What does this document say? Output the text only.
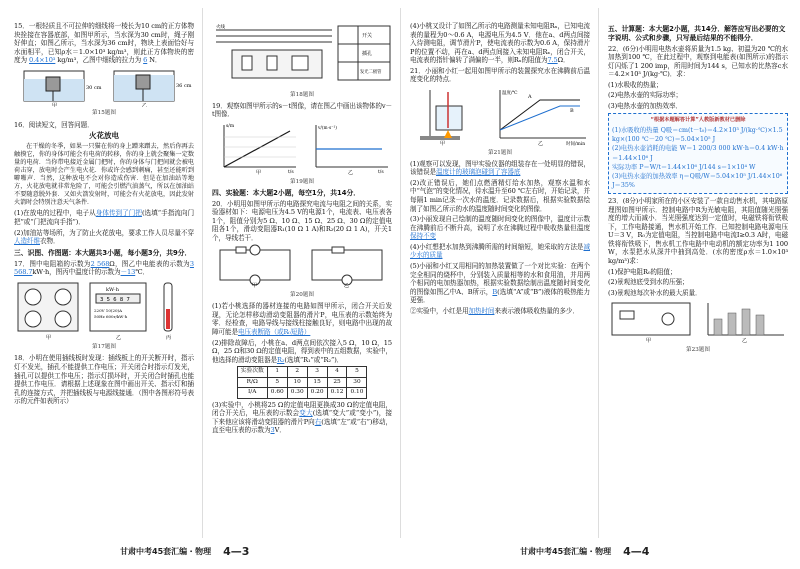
15．一根轻质且不可拉伸的细线将一棱长为10 cm的正方体物块拴接在容器底部，如图甲所示，当水深为30 cm时，绳子刚好伸直；如图乙所示，当水深为36 cm时，物块上表面恰好与水面相平，已知ρ水＝1.0×10³ kg/m³，则此正方体物块的密度为 0.4×10³ kg/m³，乙图中细线的拉力为 6 N．
30 cm	36 cm
甲	乙
第15题图
16．阅读短文，回答问题．
火花放电
在干燥的冬季，如果一只猫在你的身上蹭来蹭去，然后你再去触摸它，你的身体可能会有电荷的转移，你的身上就会聚集一定数量的电荷．当你带电接近金属门把时，你的身体与门把间就会被电荷击穿，放电时会产生电火花．你或许会感到刺痛，甚至还能听到噼啪声．当然，这种放电不会对你造成伤害．但是在加油站等地方，火花放电就非常危险了，可能会引燃汽油蒸气，所以在加油站不要随意脱外套．又如火箭发射时，可能会有火花放电，因此发射火箭时会特别注意天气条件．
(1)在放电的过程中，电子从身体传到了门把(选填“手指流向门把”或“门把流向手指”)．
(2)加油站等场所，为了防止火花放电，要求工作人员尽量不穿人造纤维衣物．
三、识图、作图题：本大题共3小题，每小题3分，共9分．
17．图中电阻箱的示数为2 568Ω，图乙中电能表的示数为3 568.7kW·h，图丙中温度计的示数为－13℃．
kW·h
3 5 6 8 7
220V 10(20)A
50Hz 600r/kW·h
甲	乙	丙
第17题图
18．小明在使用插线板时发现：插线板上的开关断开时，指示灯不发光，插孔不能提供工作电压；开关闭合时指示灯发光，插孔可以提供工作电压；指示灯损坏时，开关闭合时插孔也能提供工作电压．请根据上述现象在图中画出开关、指示灯和插孔的连接方式，并把插线板与电源线接通．（图中各图形符号表示的元件如表所示）
火线
开关
插孔
发光二极管
第18题图
19．观察如图甲所示的s－t图像，请在图乙中画出该物体的v－t图像．
s/m
t/s
v/(m·s⁻¹)
t/s
甲	乙
第19题图
四、实验题：本大题2小题，每空1分，共14分．
20．小明用如图甲所示的电路探究电流与电阻之间的关系，实验器材如下：电源电压为4.5 V的电源1个，电流表、电压表各1个，阻值分别为5 Ω、10 Ω、15 Ω、25 Ω、30 Ω的定值电阻各1个，滑动变阻器R₁(10 Ω 1 A)和R₂(20 Ω 1 A)，开关1个，导线若干．
甲	乙
第20题图
(1)若小桃选择的器材连接的电路如图甲所示，闭合开关后发现，无论怎样移动滑动变阻器的滑片P，电压表的示数始终为零．经检查，电路导线与接线柱接触良好，则电路中出现的故障可能是电压表断路（或R₀短路）
(2)排除故障后，小桃在a、d两点间依次接入5 Ω，10 Ω，15 Ω，25 Ω和30 Ω的定值电阻，得到表中的五组数据，实验中，他选择的滑动变阻器是R₂(选填“R₁”或“R₂”)．
实验次数	1	2	3	4	5
R/Ω	5	10	15	25	30
I/A	0.60	0.30	0.20	0.12	0.10
(3)实验中，小桃将25 Ω的定值电阻更换成30 Ω的定值电阻，闭合开关后，电压表的示数会变大(选填“变大”或“变小”)，接下来他应该将滑动变阻器的滑片P向右(选填“左”或“右”)移动，直至电压表的示数为3V．
(4)小桃又设计了如图乙所示的电路测量未知电阻Rₓ，已知电流表的量程为0～0.6 A，电源电压为4.5 V．他在a、d两点间接入待测电阻，调节滑片P，使电流表的示数为0.6 A，保持滑片P的位置不动，再在a、d两点间接入未知电阻Rₓ，闭合开关，电流表的指针偏转了满偏的一半，则Rₓ的阻值为7.5Ω．
21．小丽和小红一起用如图甲所示的装置探究水在沸腾前后温度变化的特点．
温度/℃
时间/min
A
B
甲	乙
第21题图
(1)观察可以发现，图甲实验仪器的组装存在一处明显的错误，该错误是温度计的玻璃泡碰到了容器底
(2)改正错误后，她们点燃酒精灯给水加热，观察水温和水中“气泡”的变化情况，待水温升至60 ℃左右时，开始记录，并每隔1 min记录一次水的温度．记录数据后，根据实验数据绘制了如图乙所示的水的温度随时间变化的图像．
(3)小丽发现自己绘制的温度随时间变化的图像中，温度计示数在沸腾前后不断升高，说明了水在沸腾过程中吸收热量但温度保持不变
(4)小红想把水加热到沸腾所需的时间缩短，她采取的方法是减少水的质量
(5)小丽和小红又用相同的加热装置做了一个对比实验：在两个完全相同的烧杯中，分别装入质量相等的水和食用油，并用两个相同的电加热器加热，根据实验数据绘制出温度随时间变化的图像如图乙中A、B所示，B(选填“A”或“B”)液体的吸热能力更强．
②实验中，小红是用加热时间来表示液体吸收热量的多少．
五、计算题：本大题2小题，共14分．解答应写出必要的文字说明、公式和步骤，只写最后结果的不能得分．
22．(6分)小明用电热水壶将质量为1.5 kg、初温为20 ℃的水加热到100 ℃，在此过程中，观察到电能表(如图所示)的指示灯闪烁了1 200 imp，所用时间为144 s，已知水的比热容c水＝4.2×10³ J/(kg·℃)．求：
(1)水吸收的热量；
(2)电热水壶的实际功率；
(3)电热水壶的加热效率．
“根据本题解答计算”人教版新教材已删除
(1)水吸收的热量 Q吸＝cm(t－t₀)＝4.2×10³ J/(kg·℃)×1.5 kg×(100 ℃－20 ℃)＝5.04×10⁵ J
(2)电热水壶消耗的电能 W＝1 200/3 000 kW·h＝0.4 kW·h＝1.44×10⁶ J
实际功率 P＝W/t＝1.44×10⁶ J/144 s＝1×10⁴ W
(3)电热水壶的加热效率 η＝Q吸/W＝5.04×10⁵ J/1.44×10⁶ J＝35%
23．(8分)小明家所在的小区安装了一款自动售水机，其电路原理图如图甲所示．控制电路中R为光敏电阻，其阻值随光照强度的增大而减小．当光照强度达到一定值时，电磁铁将衔铁吸下，工作电路接通，售水机开始工作．已知控制电路电源电压U＝3 V，R₀为定值电阻，当控制电路中电流I≥0.3 A时，电磁铁将衔铁吸下，售水机工作电路中电动机的额定功率为1 100 W，水泵把水从深井中抽到高处．(水的密度ρ水＝1.0×10³ kg/m³)求：
(1)保护电阻R₀的阻值；
(2)景观池底受到水的压强；
(3)景观池每次补水的最大质量．
甲	乙
第23题图
甘肃中考45套汇编・物理 4—3	甘肃中考45套汇编・物理 4—4
